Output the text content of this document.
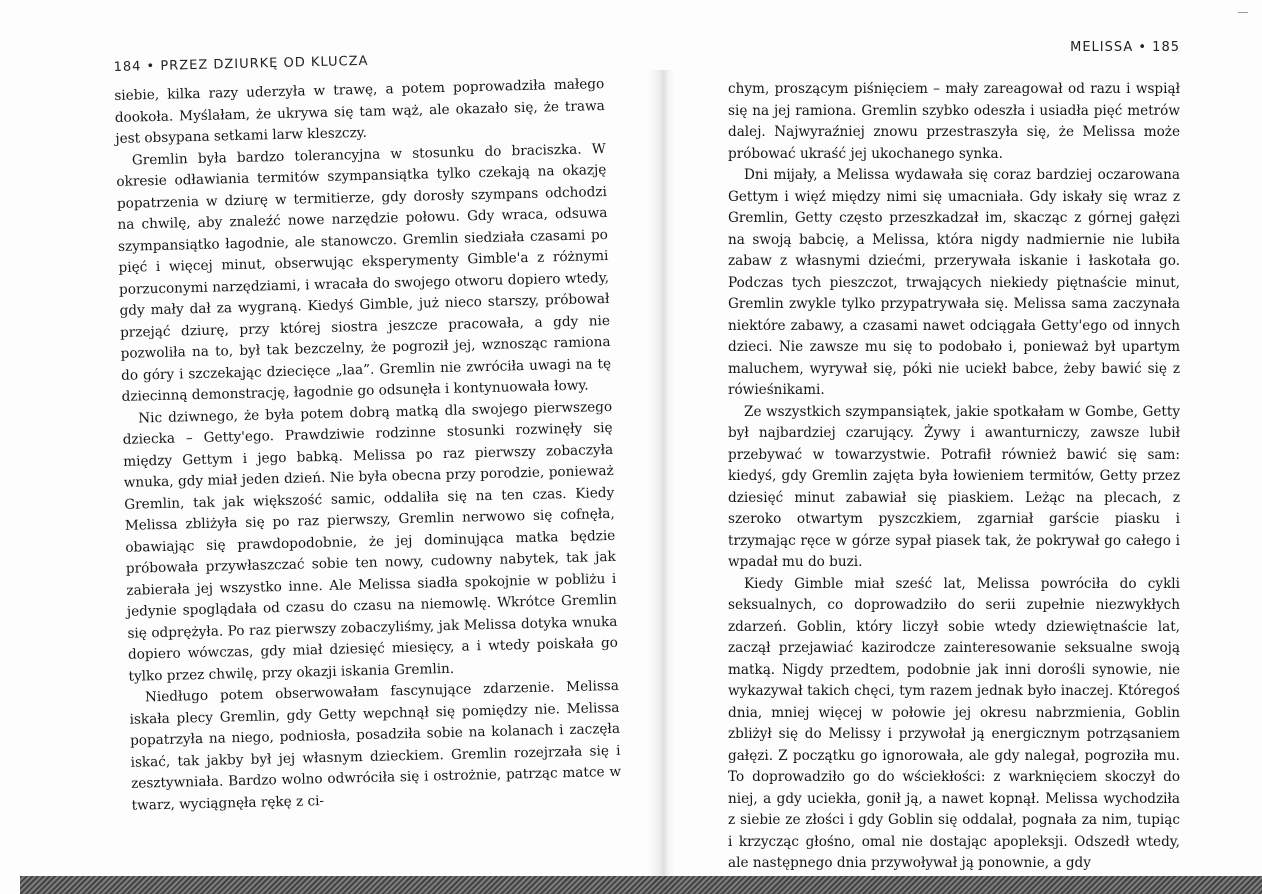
184 • PRZEZ DZIURKĘ OD KLUCZA

siebie, kilka razy uderzyła w trawę, a potem poprowadziła małego dookoła. Myślałam, że ukrywa się tam wąż, ale okazało się, że trawa jest obsypana setkami larw kleszczy.

Gremlin była bardzo tolerancyjna w stosunku do braciszka. W okresie odławiania termitów szympansiątka tylko czekają na okazję popatrzenia w dziurę w termitierze, gdy dorosły szympans odchodzi na chwilę, aby znaleźć nowe narzędzie połowu. Gdy wraca, odsuwa szympansiątko łagodnie, ale stanowczo. Gremlin siedziała czasami po pięć i więcej minut, obserwując eksperymenty Gimble'a z różnymi porzuconymi narzędziami, i wracała do swojego otworu dopiero wtedy, gdy mały dał za wygraną. Kiedyś Gimble, już nieco starszy, próbował przejąć dziurę, przy której siostra jeszcze pracowała, a gdy nie pozwoliła na to, był tak bezczelny, że pogroził jej, wznosząc ramiona do góry i szczekając dziecięce „laa”. Gremlin nie zwróciła uwagi na tę dziecinną demonstrację, łagodnie go odsunęła i kontynuowała łowy.

Nic dziwnego, że była potem dobrą matką dla swojego pierwszego dziecka – Getty'ego. Prawdziwie rodzinne stosunki rozwinęły się między Gettym i jego babką. Melissa po raz pierwszy zobaczyła wnuka, gdy miał jeden dzień. Nie była obecna przy porodzie, ponieważ Gremlin, tak jak większość samic, oddaliła się na ten czas. Kiedy Melissa zbliżyła się po raz pierwszy, Gremlin nerwowo się cofnęła, obawiając się prawdopodobnie, że jej dominująca matka będzie próbowała przywłaszczać sobie ten nowy, cudowny nabytek, tak jak zabierała jej wszystko inne. Ale Melissa siadła spokojnie w pobliżu i jedynie spoglądała od czasu do czasu na niemowlę. Wkrótce Gremlin się odprężyła. Po raz pierwszy zobaczyliśmy, jak Melissa dotyka wnuka dopiero wówczas, gdy miał dziesięć miesięcy, a i wtedy poiskała go tylko przez chwilę, przy okazji iskania Gremlin.

Niedługo potem obserwowałam fascynujące zdarzenie. Melissa iskała plecy Gremlin, gdy Getty wepchnął się pomiędzy nie. Melissa popatrzyła na niego, podniosła, posadziła sobie na kolanach i zaczęła iskać, tak jakby był jej własnym dzieckiem. Gremlin rozejrzała się i zesztywniała. Bardzo wolno odwróciła się i ostrożnie, patrząc matce w twarz, wyciągnęła rękę z ci-

MELISSA • 185

chym, proszącym piśnięciem – mały zareagował od razu i wspiął się na jej ramiona. Gremlin szybko odeszła i usiadła pięć metrów dalej. Najwyraźniej znowu przestraszyła się, że Melissa może próbować ukraść jej ukochanego synka.

Dni mijały, a Melissa wydawała się coraz bardziej oczarowana Gettym i więź między nimi się umacniała. Gdy iskały się wraz z Gremlin, Getty często przeszkadzał im, skacząc z górnej gałęzi na swoją babcię, a Melissa, która nigdy nadmiernie nie lubiła zabaw z własnymi dziećmi, przerywała iskanie i łaskotała go. Podczas tych pieszczot, trwających niekiedy piętnaście minut, Gremlin zwykle tylko przypatrywała się. Melissa sama zaczynała niektóre zabawy, a czasami nawet odciągała Getty'ego od innych dzieci. Nie zawsze mu się to podobało i, ponieważ był upartym maluchem, wyrywał się, póki nie uciekł babce, żeby bawić się z rówieśnikami.

Ze wszystkich szympansiątek, jakie spotkałam w Gombe, Getty był najbardziej czarujący. Żywy i awanturniczy, zawsze lubił przebywać w towarzystwie. Potrafił również bawić się sam: kiedyś, gdy Gremlin zajęta była łowieniem termitów, Getty przez dziesięć minut zabawiał się piaskiem. Leżąc na plecach, z szeroko otwartym pyszczkiem, zgarniał garście piasku i trzymając ręce w górze sypał piasek tak, że pokrywał go całego i wpadał mu do buzi.

Kiedy Gimble miał sześć lat, Melissa powróciła do cykli seksualnych, co doprowadziło do serii zupełnie niezwykłych zdarzeń. Goblin, który liczył sobie wtedy dziewiętnaście lat, zaczął przejawiać kazirodcze zainteresowanie seksualne swoją matką. Nigdy przedtem, podobnie jak inni dorośli synowie, nie wykazywał takich chęci, tym razem jednak było inaczej. Któregoś dnia, mniej więcej w połowie jej okresu nabrzmienia, Goblin zbliżył się do Melissy i przywołał ją energicznym potrząsaniem gałęzi. Z początku go ignorowała, ale gdy nalegał, pogroziła mu. To doprowadziło go do wściekłości: z warknięciem skoczył do niej, a gdy uciekła, gonił ją, a nawet kopnął. Melissa wychodziła z siebie ze złości i gdy Goblin się oddalał, pognała za nim, tupiąc i krzycząc głośno, omal nie dostając apopleksji. Odszedł wtedy, ale następnego dnia przywoływał ją ponownie, a gdy
